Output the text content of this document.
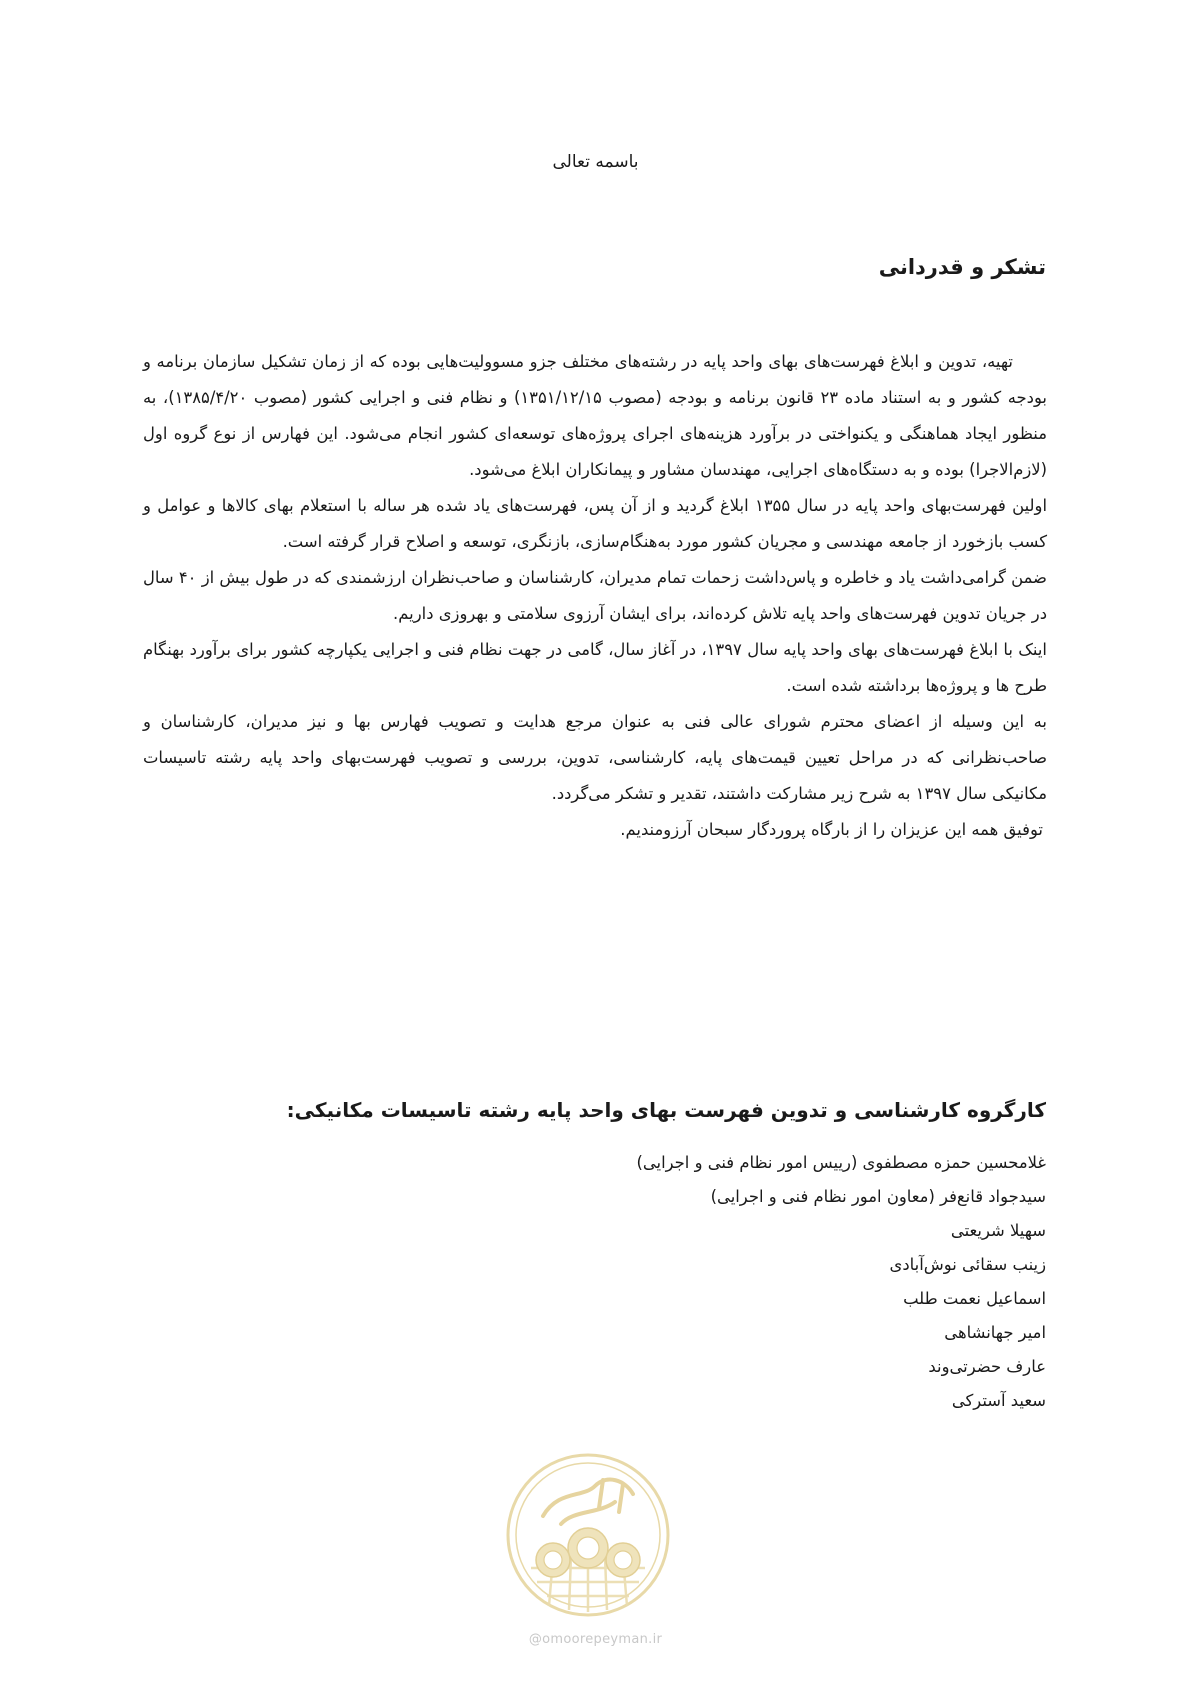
باسمه تعالی
تشکر و قدردانی

تهیه، تدوین و ابلاغ فهرست‌های بهای واحد پایه در رشته‌های مختلف جزو مسوولیت‌هایی بوده که از زمان تشکیل سازمان برنامه و بودجه کشور و به استناد ماده ۲۳ قانون برنامه و بودجه (مصوب ۱۳۵۱/۱۲/۱۵) و نظام فنی و اجرایی کشور (مصوب ۱۳۸۵/۴/۲۰)، به منظور ایجاد هماهنگی و یکنواختی در برآورد هزینه‌های اجرای پروژه‌های توسعه‌ای کشور انجام می‌شود. این فهارس از نوع گروه اول (لازم‌الاجرا) بوده و به دستگاه‌های اجرایی، مهندسان مشاور و پیمانکاران ابلاغ می‌شود.

اولین فهرست‌بهای واحد پایه در سال ۱۳۵۵ ابلاغ گردید و از آن پس، فهرست‌های یاد شده هر ساله با استعلام بهای کالاها و عوامل و کسب بازخورد از جامعه مهندسی و مجریان کشور مورد به‌هنگام‌سازی، بازنگری، توسعه و اصلاح قرار گرفته است.

ضمن گرامی‌داشت یاد و خاطره و پاس‌داشت زحمات تمام مدیران، کارشناسان و صاحب‌نظران ارزشمندی که در طول بیش از ۴۰ سال در جریان تدوین فهرست‌های واحد پایه تلاش کرده‌اند، برای ایشان آرزوی سلامتی و بهروزی داریم.

اینک با ابلاغ فهرست‌های بهای واحد پایه سال ۱۳۹۷، در آغاز سال، گامی در جهت نظام فنی و اجرایی یکپارچه کشور برای برآورد بهنگام طرح ها و پروژه‌ها برداشته شده است.

به این وسیله از اعضای محترم شورای عالی فنی به عنوان مرجع هدایت و تصویب فهارس بها و نیز مدیران، کارشناسان و صاحب‌نظرانی که در مراحل تعیین قیمت‌های پایه، کارشناسی، تدوین، بررسی و تصویب فهرست‌بهای واحد پایه رشته تاسیسات مکانیکی سال ۱۳۹۷ به شرح زیر مشارکت داشتند، تقدیر و تشکر می‌گردد.

توفیق همه این عزیزان را از بارگاه پروردگار سبحان آرزومندیم.

کارگروه کارشناسی و تدوین فهرست بهای واحد پایه رشته تاسیسات مکانیکی:
غلامحسین حمزه مصطفوی (رییس امور نظام فنی و اجرایی)
سیدجواد قانع‌فر (معاون امور نظام فنی و اجرایی)
سهیلا شریعتی
زینب سقائی نوش‌آبادی
اسماعیل نعمت طلب
امیر جهانشاهی
عارف حضرتی‌وند
سعید آسترکی
@omoorepeyman.ir
